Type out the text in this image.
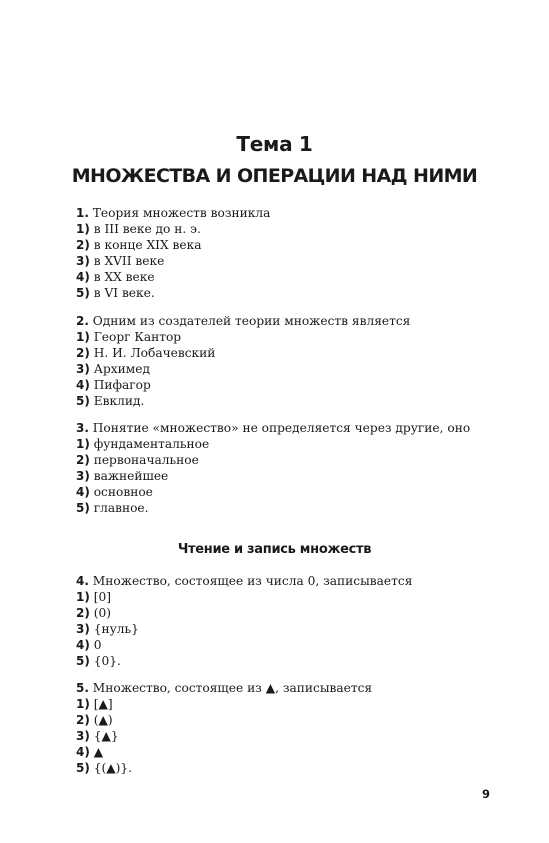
Тема 1
МНОЖЕСТВА И ОПЕРАЦИИ НАД НИМИ
1. Теория множеств возникла
1) в III веке до н. э.
2) в конце XIX века
3) в XVII веке
4) в XX веке
5) в VI веке.
2. Одним из создателей теории множеств является
1) Георг Кантор
2) Н. И. Лобачевский
3) Архимед
4) Пифагор
5) Евклид.
3. Понятие «множество» не определяется через другие, оно
1) фундаментальное
2) первоначальное
3) важнейшее
4) основное
5) главное.
Чтение и запись множеств
4. Множество, состоящее из числа 0, записывается
1) [0]
2) (0)
3) {нуль}
4) 0
5) {0}.
5. Множество, состоящее из ▲, записывается
1) [▲]
2) (▲)
3) {▲}
4) ▲
5) {(▲)}.
9
